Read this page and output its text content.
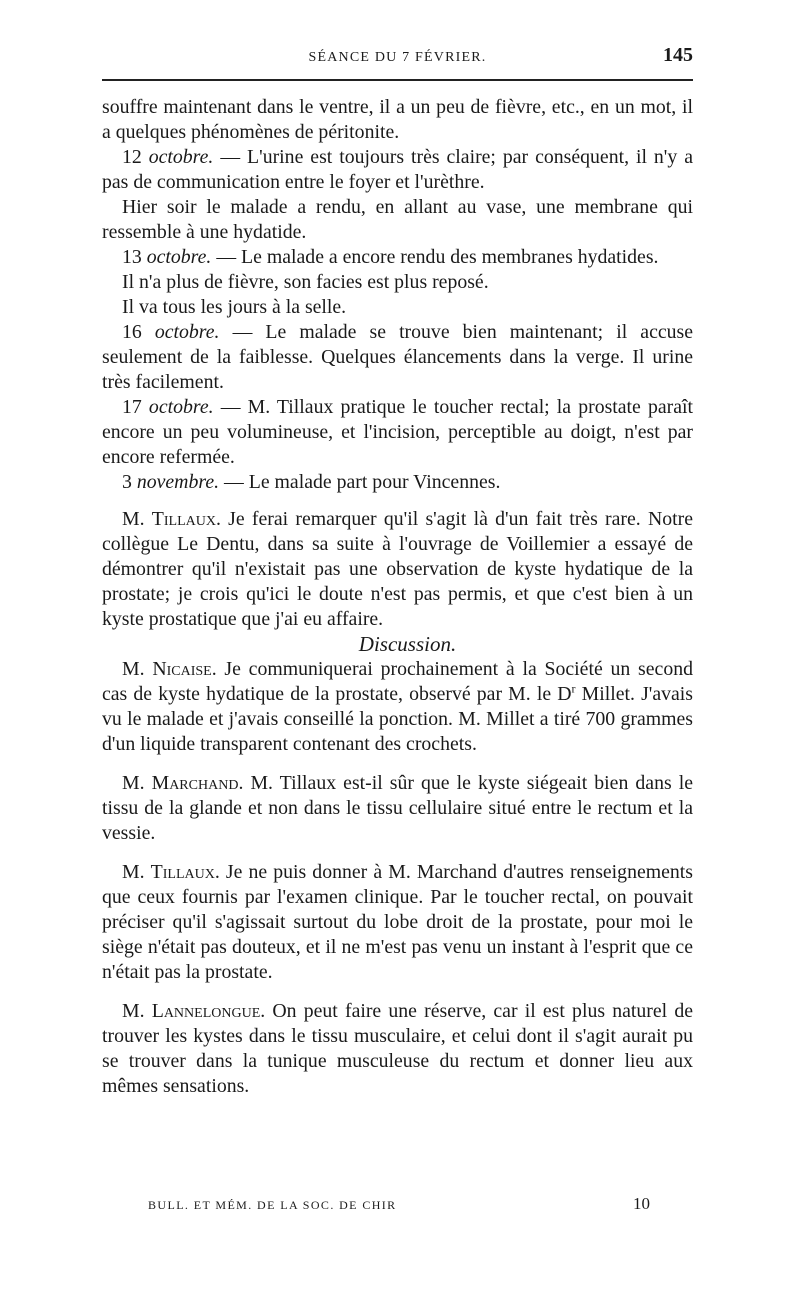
SÉANCE DU 7 FÉVRIER.	145

souffre maintenant dans le ventre, il a un peu de fièvre, etc., en un mot, il a quelques phénomènes de péritonite.

12 octobre. — L'urine est toujours très claire; par conséquent, il n'y a pas de communication entre le foyer et l'urèthre.

Hier soir le malade a rendu, en allant au vase, une membrane qui ressemble à une hydatide.

13 octobre. — Le malade a encore rendu des membranes hydatides.

Il n'a plus de fièvre, son facies est plus reposé.

Il va tous les jours à la selle.

16 octobre. — Le malade se trouve bien maintenant; il accuse seulement de la faiblesse. Quelques élancements dans la verge. Il urine très facilement.

17 octobre. — M. Tillaux pratique le toucher rectal; la prostate paraît encore un peu volumineuse, et l'incision, perceptible au doigt, n'est par encore refermée.

3 novembre. — Le malade part pour Vincennes.

M. Tillaux. Je ferai remarquer qu'il s'agit là d'un fait très rare. Notre collègue Le Dentu, dans sa suite à l'ouvrage de Voillemier a essayé de démontrer qu'il n'existait pas une observation de kyste hydatique de la prostate; je crois qu'ici le doute n'est pas permis, et que c'est bien à un kyste prostatique que j'ai eu affaire.

Discussion.

M. Nicaise. Je communiquerai prochainement à la Société un second cas de kyste hydatique de la prostate, observé par M. le $D^r$ Millet. J'avais vu le malade et j'avais conseillé la ponction. M. Millet a tiré 700 grammes d'un liquide transparent contenant des crochets.

M. Marchand. M. Tillaux est-il sûr que le kyste siégeait bien dans le tissu de la glande et non dans le tissu cellulaire situé entre le rectum et la vessie.

M. Tillaux. Je ne puis donner à M. Marchand d'autres renseignements que ceux fournis par l'examen clinique. Par le toucher rectal, on pouvait préciser qu'il s'agissait surtout du lobe droit de la prostate, pour moi le siège n'était pas douteux, et il ne m'est pas venu un instant à l'esprit que ce n'était pas la prostate.

M. Lannelongue. On peut faire une réserve, car il est plus naturel de trouver les kystes dans le tissu musculaire, et celui dont il s'agit aurait pu se trouver dans la tunique musculeuse du rectum et donner lieu aux mêmes sensations.

BULL. ET MÉM. DE LA SOC. DE CHIR	10
